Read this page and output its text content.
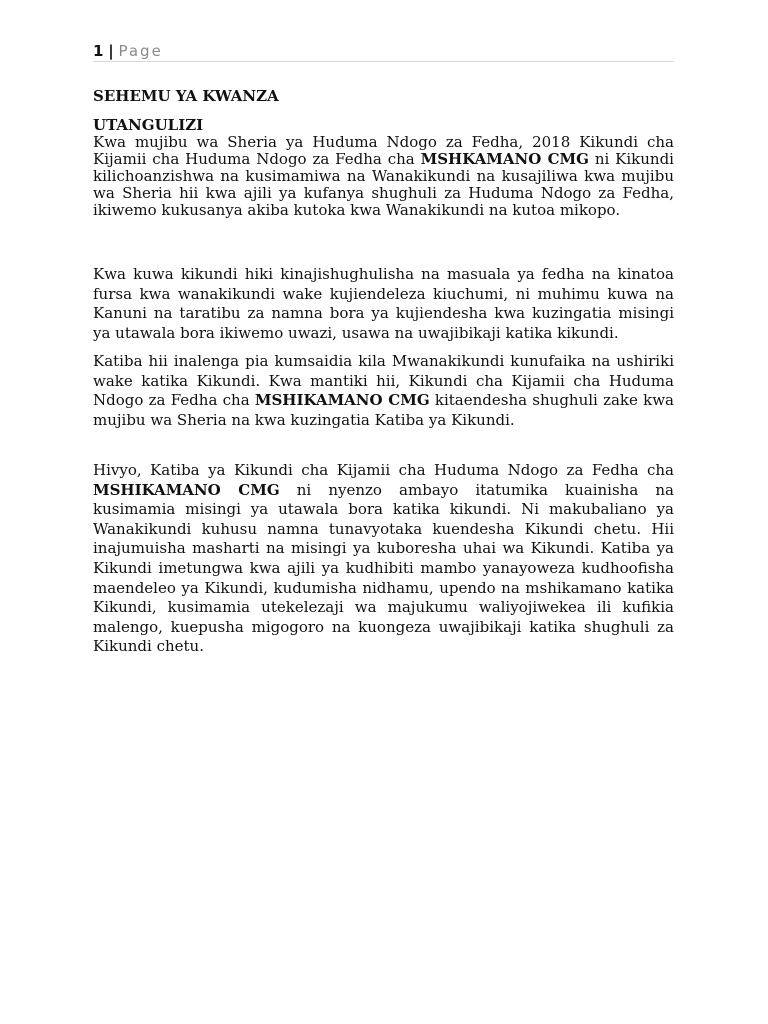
1 | Page
SEHEMU YA KWANZA
UTANGULIZI

Kwa mujibu wa Sheria ya Huduma Ndogo za Fedha, 2018 Kikundi cha Kijamii cha Huduma Ndogo za Fedha cha MSHKAMANO CMG ni Kikundi kilichoanzishwa na kusimamiwa na Wanakikundi na kusajiliwa kwa mujibu wa Sheria hii kwa ajili ya kufanya shughuli za Huduma Ndogo za Fedha, ikiwemo kukusanya akiba kutoka kwa Wanakikundi na kutoa mikopo.

Kwa kuwa kikundi hiki kinajishughulisha na masuala ya fedha na kinatoa fursa kwa wanakikundi wake kujiendeleza kiuchumi, ni muhimu kuwa na Kanuni na taratibu za namna bora ya kujiendesha kwa kuzingatia misingi ya utawala bora ikiwemo uwazi, usawa na uwajibikaji katika kikundi.

Katiba hii inalenga pia kumsaidia kila Mwanakikundi kunufaika na ushiriki wake katika Kikundi. Kwa mantiki hii, Kikundi cha Kijamii cha Huduma Ndogo za Fedha cha MSHIKAMANO CMG kitaendesha shughuli zake kwa mujibu wa Sheria na kwa kuzingatia Katiba ya Kikundi.

Hivyo, Katiba ya Kikundi cha Kijamii cha Huduma Ndogo za Fedha cha MSHIKAMANO CMG ni nyenzo ambayo itatumika kuainisha na kusimamia misingi ya utawala bora katika kikundi. Ni makubaliano ya Wanakikundi kuhusu namna tunavyotaka kuendesha Kikundi chetu. Hii inajumuisha masharti na misingi ya kuboresha uhai wa Kikundi. Katiba ya Kikundi imetungwa kwa ajili ya kudhibiti mambo yanayoweza kudhoofisha maendeleo ya Kikundi, kudumisha nidhamu, upendo na mshikamano katika Kikundi, kusimamia utekelezaji wa majukumu waliyojiwekea ili kufikia malengo, kuepusha migogoro na kuongeza uwajibikaji katika shughuli za Kikundi chetu.
